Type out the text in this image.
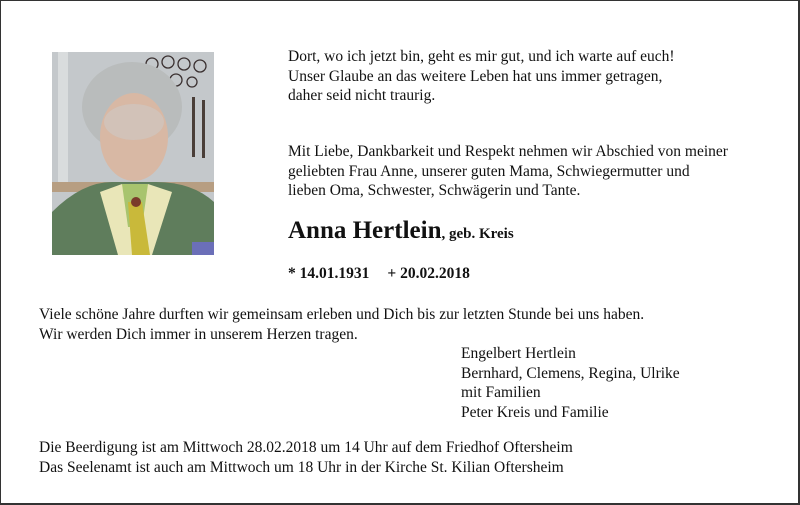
Dort, wo ich jetzt bin, geht es mir gut, und ich warte auf euch!
Unser Glaube an das weitere Leben hat uns immer getragen,
daher seid nicht traurig.
Mit Liebe, Dankbarkeit und Respekt nehmen wir Abschied von meiner
geliebten Frau Anne, unserer guten Mama, Schwiegermutter und
lieben Oma, Schwester, Schwägerin und Tante.
Anna Hertlein, geb. Kreis
* 14.01.1931 + 20.02.2018
Viele schöne Jahre durften wir gemeinsam erleben und Dich bis zur letzten Stunde bei uns haben.
Wir werden Dich immer in unserem Herzen tragen.
Engelbert Hertlein
Bernhard, Clemens, Regina, Ulrike
mit Familien
Peter Kreis und Familie
Die Beerdigung ist am Mittwoch 28.02.2018 um 14 Uhr auf dem Friedhof Oftersheim
Das Seelenamt ist auch am Mittwoch um 18 Uhr in der Kirche St. Kilian Oftersheim
